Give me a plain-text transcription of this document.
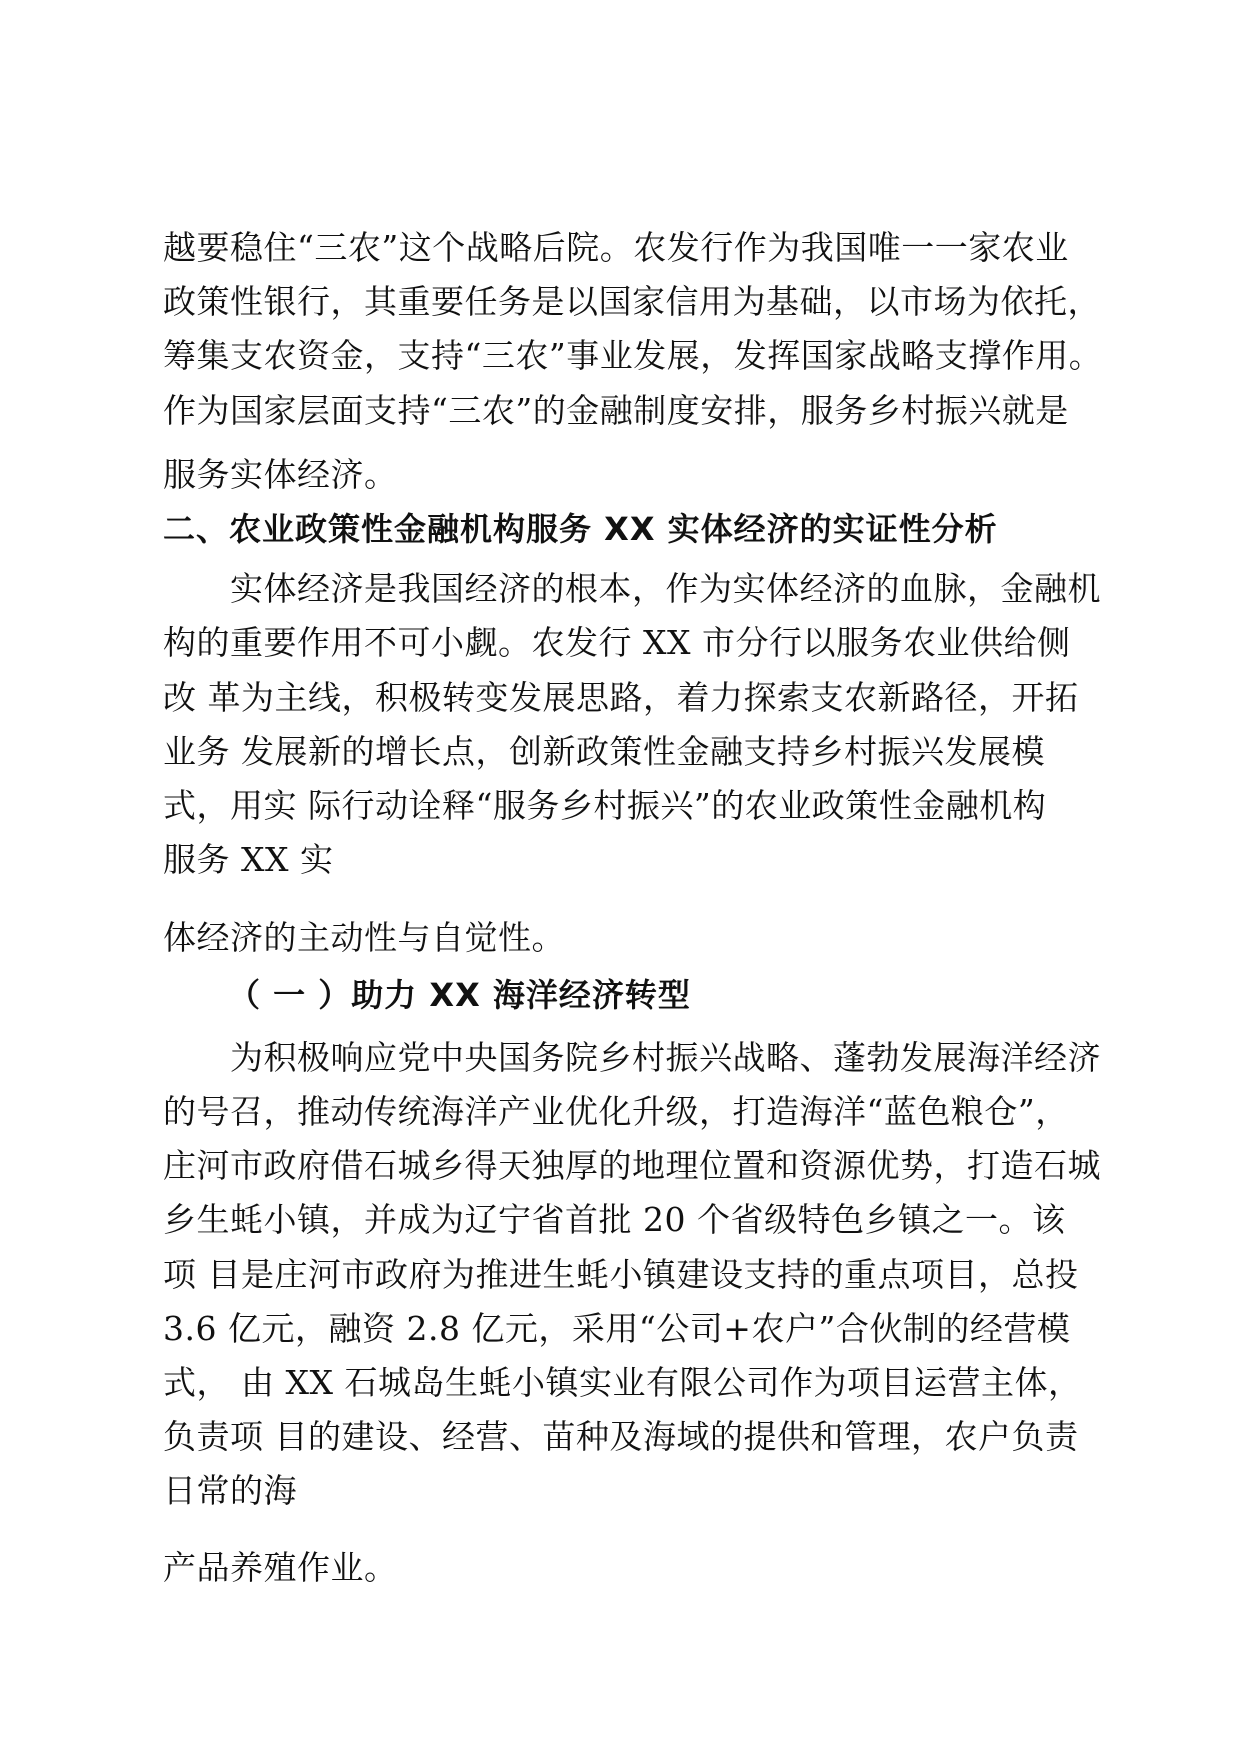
越要稳住“三农”这个战略后院。农发行作为我国唯一一家农业
政策性银行，其重要任务是以国家信用为基础，以市场为依托，
筹集支农资金，支持“三农”事业发展，发挥国家战略支撑作用。
作为国家层面支持“三农”的金融制度安排，服务乡村振兴就是
服务实体经济。
二、农业政策性金融机构服务 XX 实体经济的实证性分析
实体经济是我国经济的根本，作为实体经济的血脉，金融机
构的重要作用不可小觑。农发行 XX 市分行以服务农业供给侧
改 革为主线，积极转变发展思路，着力探索支农新路径，开拓
业务 发展新的增长点，创新政策性金融支持乡村振兴发展模
式，用实 际行动诠释“服务乡村振兴”的农业政策性金融机构
服务 XX 实
体经济的主动性与自觉性。
（ 一 ）助力 XX 海洋经济转型
为积极响应党中央国务院乡村振兴战略、蓬勃发展海洋经济
的号召，推动传统海洋产业优化升级，打造海洋“蓝色粮仓”，
庄河市政府借石城乡得天独厚的地理位置和资源优势，打造石城
乡生蚝小镇，并成为辽宁省首批 20 个省级特色乡镇之一。该
项 目是庄河市政府为推进生蚝小镇建设支持的重点项目，总投
3.6 亿元，融资 2.8 亿元，采用“公司+农户”合伙制的经营模
式， 由 XX 石城岛生蚝小镇实业有限公司作为项目运营主体，
负责项 目的建设、经营、苗种及海域的提供和管理，农户负责
日常的海
产品养殖作业。
